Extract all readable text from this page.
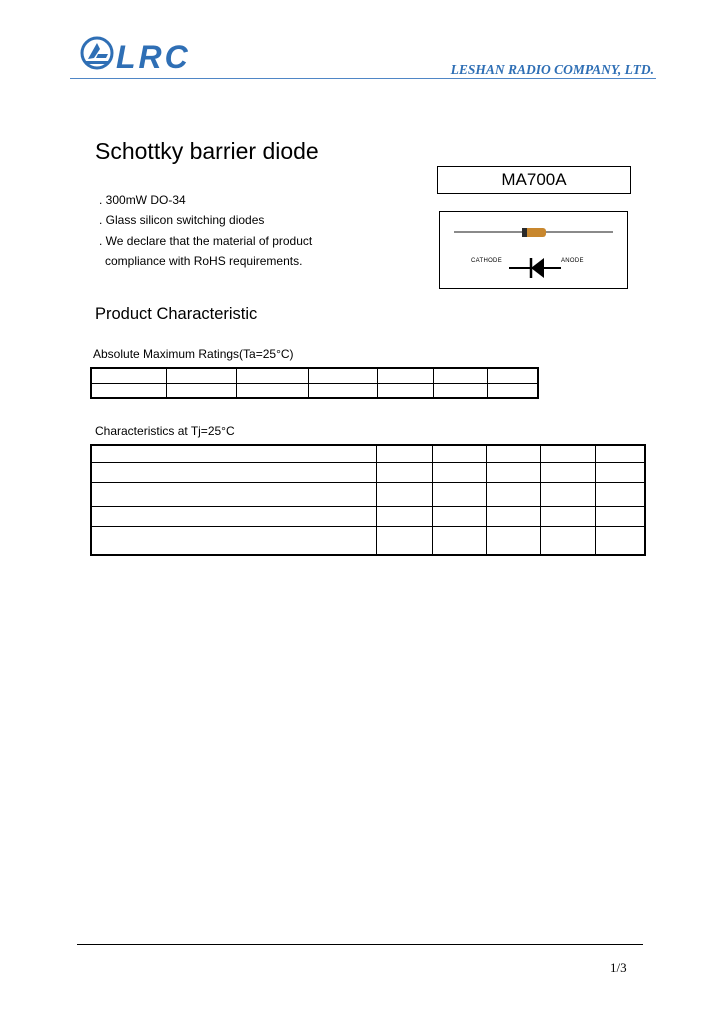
LRC	LESHAN RADIO COMPANY, LTD.
Schottky barrier diode
MA700A
. 300mW DO-34
. Glass silicon switching diodes
. We declare that the material of product
compliance with RoHS requirements.	CATHODE	ANODE
Product Characteristic
Absolute Maximum Ratings(Ta=25°C)

Characteristics at Tj=25°C

1/3
